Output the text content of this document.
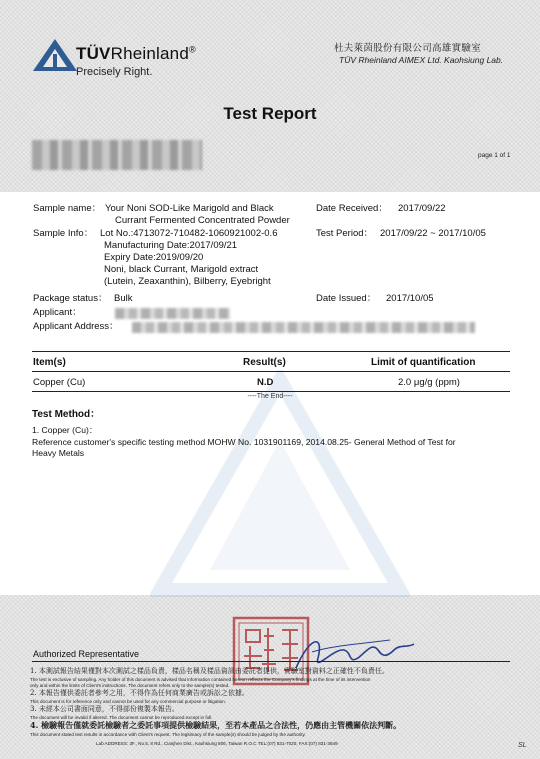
TÜVRheinland®
Precisely Right.
杜夫萊茵股份有限公司高雄實驗室
TÜV Rheinland AIMEX Ltd. Kaohsiung Lab.
Test Report
page 1 of 1
Sample name： Your Noni SOD-Like Marigold and Black
Currant Fermented Concentrated Powder
Date Received： 2017/09/22
Sample Info： Lot No.:4713072-710482-1060921002-0.6
Manufacturing Date:2017/09/21
Expiry Date:2019/09/20
Noni, black Currant, Marigold extract
(Lutein, Zeaxanthin), Bilberry, Eyebright
Test Period： 2017/09/22 ~ 2017/10/05
Package status： Bulk	Date Issued： 2017/10/05
Applicant：
Applicant Address：
Item(s)	Result(s)	Limit of quantification
Copper (Cu)	N.D	2.0 μg/g (ppm)
----The End----
Test Method：
1. Copper (Cu)：
Reference customer's specific testing method MOHW No. 1031901169, 2014.08.25- General Method of Test for
Heavy Metals
Authorized Representative
1. 本測試報告結果僅對本次測試之樣品負責，樣品名稱及樣品資訊由委託者提供，實驗室對資料之正確性不負責任。
The test is exclusive of sampling. Any holder of this document is advised that information contained hereon reflects the Company's findings at the time of its intervention
only and within the limits of Client's instructions. The document refers only to the sample(s) tested.
2. 本報告僅供委託者參考之用，不得作為任何商業廣告或訴訟之依據。
This document is for reference only and cannot be used for any commercial purpose or litigation.
3. 未經本公司書面同意，不得部份複製本報告。
The document will be invalid if altered. The document cannot be reproduced except in full.
4. 檢驗報告僅就委託檢驗者之委託事項提供檢驗結果，至若本產品之合法性，仍應由主管機關依法判斷。
This document stated test results in accordance with Client's request. The legitimacy of the sample(s) should be judged by the authority.
Lab ADDRESS: 3F., No.5, 8 Rd., Cianjhen Dist., Kaohsiung 806, Taiwan R.O.C TEL:(07) 831-7020, FAX:(07) 831-3649	SL
